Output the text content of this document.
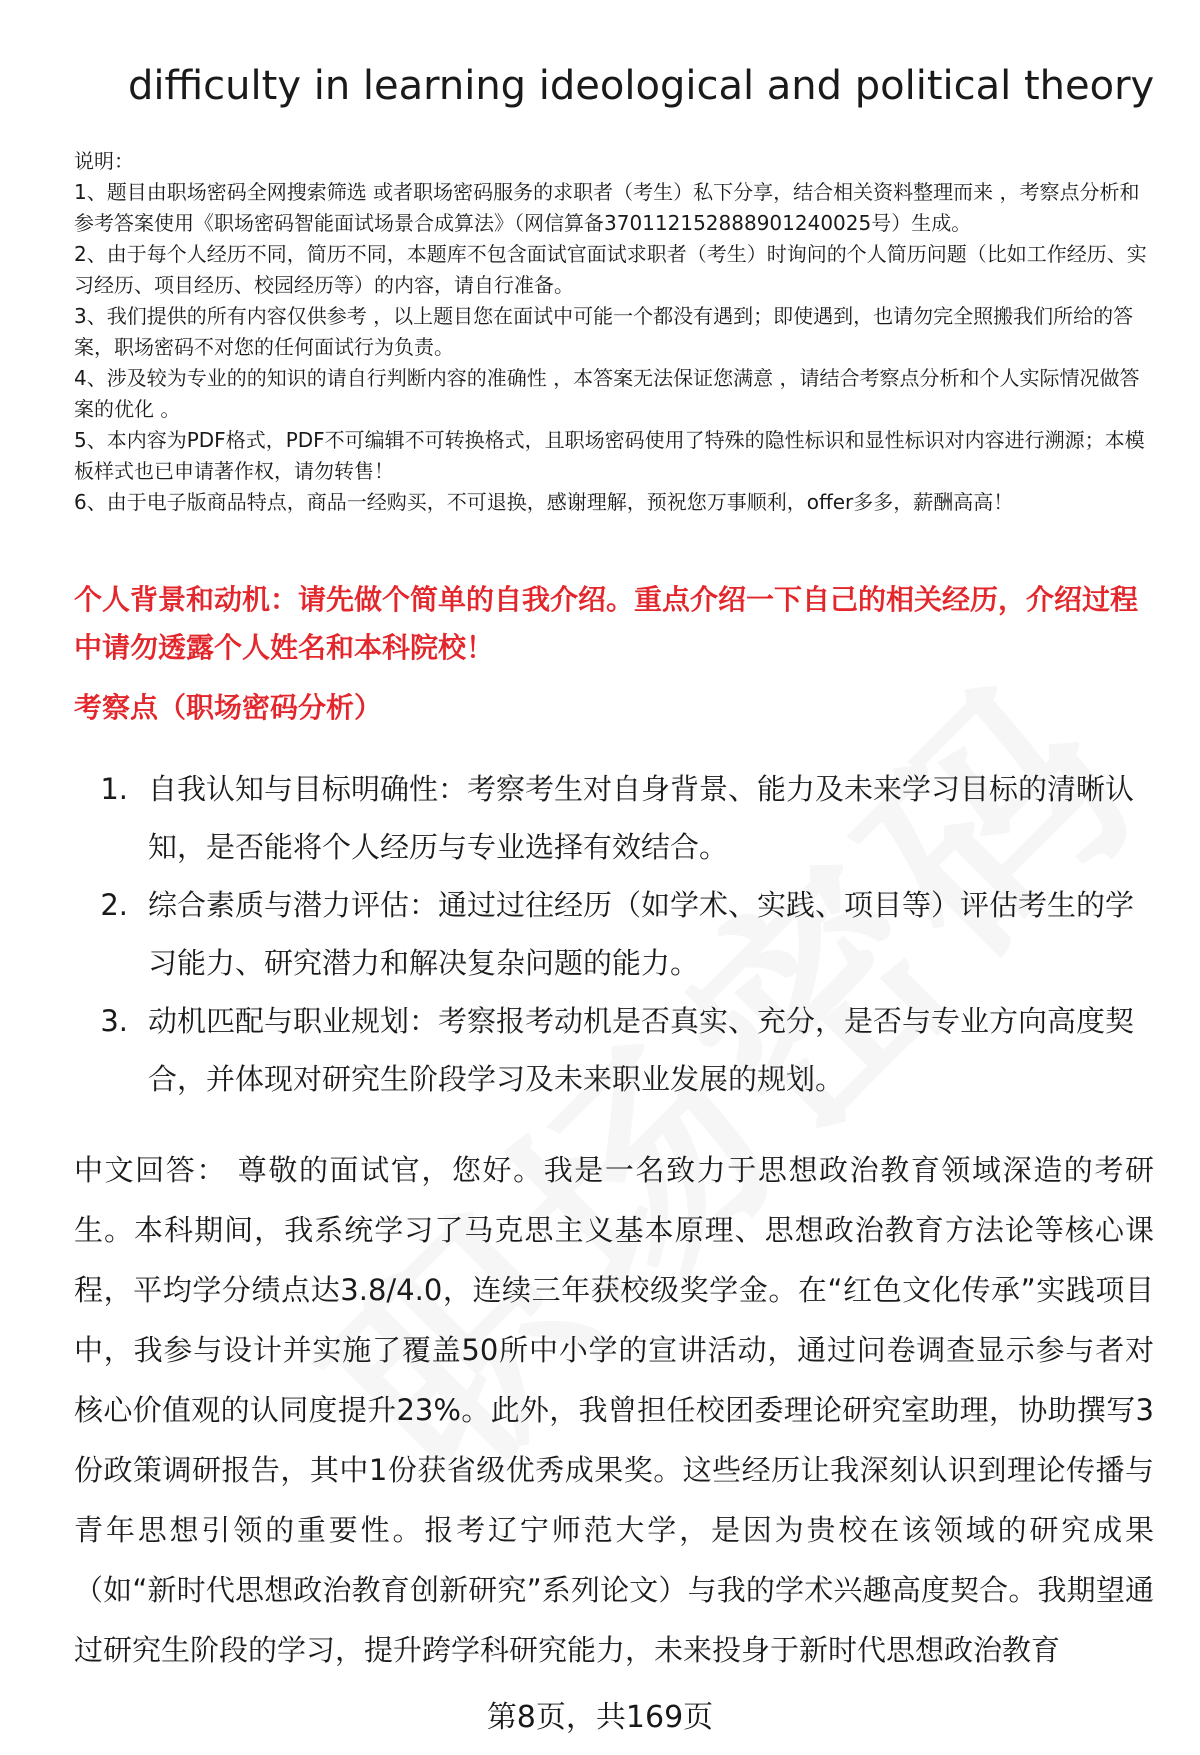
difficulty in learning ideological and political theory

说明：

1、题目由职场密码全网搜索筛选 或者职场密码服务的求职者（考生）私下分享，结合相关资料整理而来 ，考察点分析和参考答案使用《职场密码智能面试场景合成算法》（网信算备370112152888901240025号）生成。

2、由于每个人经历不同，简历不同，本题库不包含面试官面试求职者（考生）时询问的个人简历问题（比如工作经历、实习经历、项目经历、校园经历等）的内容，请自行准备。

3、我们提供的所有内容仅供参考 ，以上题目您在面试中可能一个都没有遇到；即使遇到，也请勿完全照搬我们所给的答案，职场密码不对您的任何面试行为负责。

4、涉及较为专业的的知识的请自行判断内容的准确性 ，本答案无法保证您满意 ，请结合考察点分析和个人实际情况做答案的优化 。

5、本内容为PDF格式，PDF不可编辑不可转换格式，且职场密码使用了特殊的隐性标识和显性标识对内容进行溯源；本模板样式也已申请著作权，请勿转售！

6、由于电子版商品特点，商品一经购买，不可退换，感谢理解，预祝您万事顺利，offer多多，薪酬高高！

个人背景和动机：请先做个简单的自我介绍。重点介绍一下自己的相关经历，介绍过程中请勿透露个人姓名和本科院校！
考察点（职场密码分析）
1. 自我认知与目标明确性：考察考生对自身背景、能力及未来学习目标的清晰认知，是否能将个人经历与专业选择有效结合。
2. 综合素质与潜力评估：通过过往经历（如学术、实践、项目等）评估考生的学习能力、研究潜力和解决复杂问题的能力。
3. 动机匹配与职业规划：考察报考动机是否真实、充分，是否与专业方向高度契合，并体现对研究生阶段学习及未来职业发展的规划。
中文回答： 尊敬的面试官，您好。我是一名致力于思想政治教育领域深造的考研生。本科期间，我系统学习了马克思主义基本原理、思想政治教育方法论等核心课程，平均学分绩点达3.8/4.0，连续三年获校级奖学金。在“红色文化传承”实践项目中，我参与设计并实施了覆盖50所中小学的宣讲活动，通过问卷调查显示参与者对核心价值观的认同度提升23%。此外，我曾担任校团委理论研究室助理，协助撰写3份政策调研报告，其中1份获省级优秀成果奖。这些经历让我深刻认识到理论传播与青年思想引领的重要性。报考辽宁师范大学，是因为贵校在该领域的研究成果（如“新时代思想政治教育创新研究”系列论文）与我的学术兴趣高度契合。我期望通过研究生阶段的学习，提升跨学科研究能力，未来投身于新时代思想政治教育
第8页，共169页
